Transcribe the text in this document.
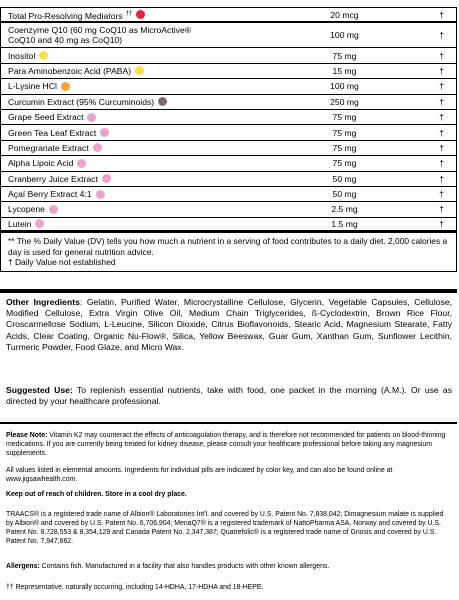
Total Pro-Resolving Mediators ††	20 mcg	†
Coenzyme Q10 (60 mg CoQ10 as MicroActive®
CoQ10 and 40 mg as CoQ10)	100 mg	†
Inositol	75 mg	†
Para Aminobenzoic Acid (PABA)	15 mg	†
L-Lysine HCl	100 mg	†
Curcumin Extract (95% Curcuminoids)	250 mg	†
Grape Seed Extract	75 mg	†
Green Tea Leaf Extract	75 mg	†
Pomegranate Extract	75 mg	†
Alpha Lipoic Acid	75 mg	†
Cranberry Juice Extract	50 mg	†
Açaí Berry Extract 4:1	50 mg	†
Lycopene	2.5 mg	†
Lutein	1.5 mg	†

** The % Daily Value (DV) tells you how much a nutrient in a serving of food contributes to a daily diet. 2,000 calories a day is used for general nutrition advice.

† Daily Value not established

Other Ingredients: Gelatin, Purified Water, Microcrystalline Cellulose, Glycerin, Vegetable Capsules, Cellulose, Modified Cellulose, Extra Virgin Olive Oil, Medium Chain Triglycerides, ß-Cyclodextrin, Brown Rice Flour, Croscarmellose Sodium, L-Leucine, Silicon Dioxide, Citrus Bioflavonoids, Stearic Acid, Magnesium Stearate, Fatty Acids, Clear Coating, Organic Nu-Flow®, Silica, Yellow Beeswax, Guar Gum, Xanthan Gum, Sunflower Lecithin, Turmeric Powder, Food Glaze, and Micro Wax.

Suggested Use: To replenish essential nutrients, take with food, one packet in the morning (A.M.). Or use as directed by your healthcare professional.

Please Note: Vitamin K2 may counteract the effects of anticoagulation therapy, and is therefore not recommended for patients on blood-thinning medications. If you are currently being treated for kidney disease, please consult your healthcare professional before taking any magnesium supplements.

All values listed in elemental amounts. Ingredients for individual pills are indicated by color key, and can also be found online at www.jigsawhealth.com.

Keep out of reach of children. Store in a cool dry place.

TRAACS® is a registered trade name of Albion® Laboratories Int'l. and covered by U.S. Patent No. 7,838,042; Dimagnesium malate is supplied by Albion® and covered by U.S. Patent No. 6,706,904; MenaQ7® is a registered trademark of NattoPharma ASA, Norway and covered by U.S. Patent No. 8,728,553 & 8,354,129 and Canada Patent No. 2,347,387; Quatrefolic® is a registered trade name of Gnosis and covered by U.S. Patent No. 7,947,662.

Allergens: Contains fish. Manufactured in a facility that also handles products with other known allergens.

†† Representative, naturally occurring, including 14-HDHA, 17-HDHA and 18-HEPE.
